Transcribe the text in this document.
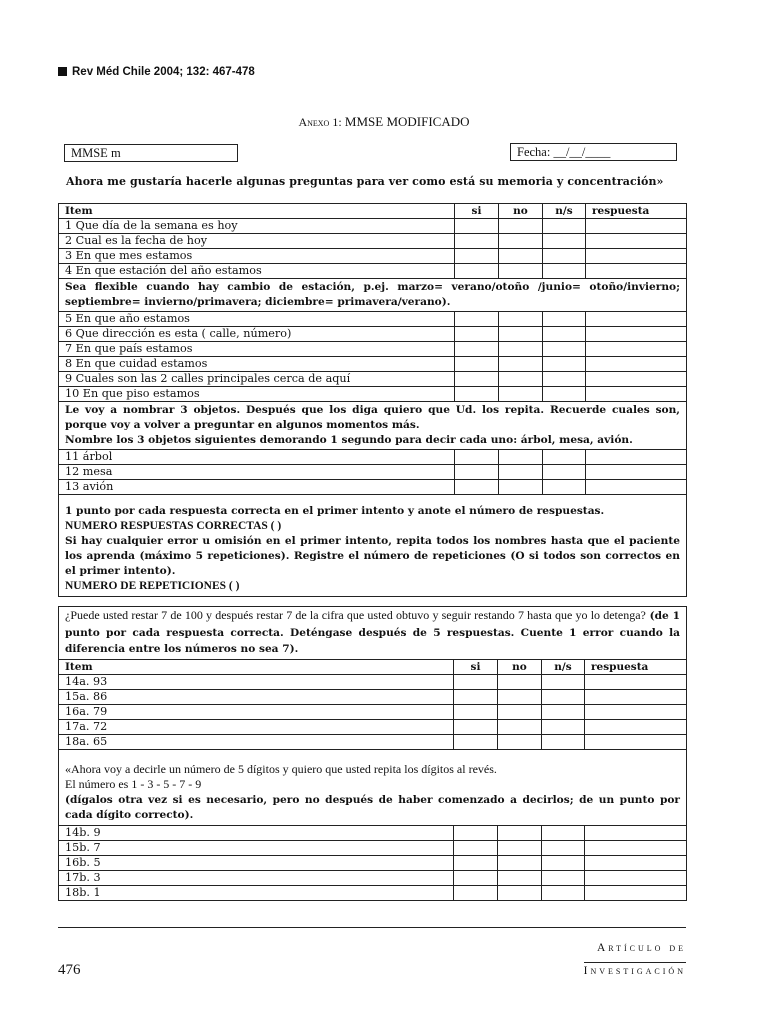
Rev Méd Chile 2004; 132: 467-478
Anexo 1: MMSE MODIFICADO
MMSE m	Fecha: __/__/____
Ahora me gustaría hacerle algunas preguntas para ver como está su memoria y concentración»
Item	si	no	n/s	respuesta
1 Que día de la semana es hoy				
2 Cual es la fecha de hoy				
3 En que mes estamos				
4 En que estación del año estamos				
Sea flexible cuando hay cambio de estación, p.ej. marzo= verano/otoño /junio= otoño/invierno; septiembre= invierno/primavera; diciembre= primavera/verano).				
5 En que año estamos				
6 Que dirección es esta ( calle, número)				
7 En que país estamos				
8 En que cuidad estamos				
9 Cuales son las 2 calles principales cerca de aquí				
10 En que piso estamos				

Le voy a nombrar 3 objetos. Después que los diga quiero que Ud. los repita. Recuerde cuales son, porque voy a volver a preguntar en algunos momentos más.
Nombre los 3 objetos siguientes demorando 1 segundo para decir cada uno: árbol, mesa, avión.				

11 árbol				
12 mesa				
13 avión				

1 punto por cada respuesta correcta en el primer intento y anote el número de respuestas.
NUMERO RESPUESTAS CORRECTAS ( )
Si hay cualquier error u omisión en el primer intento, repita todos los nombres hasta que el paciente los aprenda (máximo 5 repeticiones). Registre el número de repeticiones (O si todos son correctos en el primer intento).
NUMERO DE REPETICIONES ( )				
¿Puede usted restar 7 de 100 y después restar 7 de la cifra que usted obtuvo y seguir restando 7 hasta que yo lo detenga? (de 1 punto por cada respuesta correcta. Deténgase después de 5 respuestas. Cuente 1 error cuando la diferencia entre los números no sea 7).				
Item	si	no	n/s	respuesta
14a. 93				
15a. 86				
16a. 79				
17a. 72				
18a. 65				

«Ahora voy a decirle un número de 5 dígitos y quiero que usted repita los dígitos al revés.
El número es 1 - 3 - 5 - 7 - 9
(dígalos otra vez si es necesario, pero no después de haber comenzado a decirlos; de un punto por cada dígito correcto).				

14b. 9				
15b. 7				
16b. 5				
17b. 3				
18b. 1				
476
Artículo de
Investigación
